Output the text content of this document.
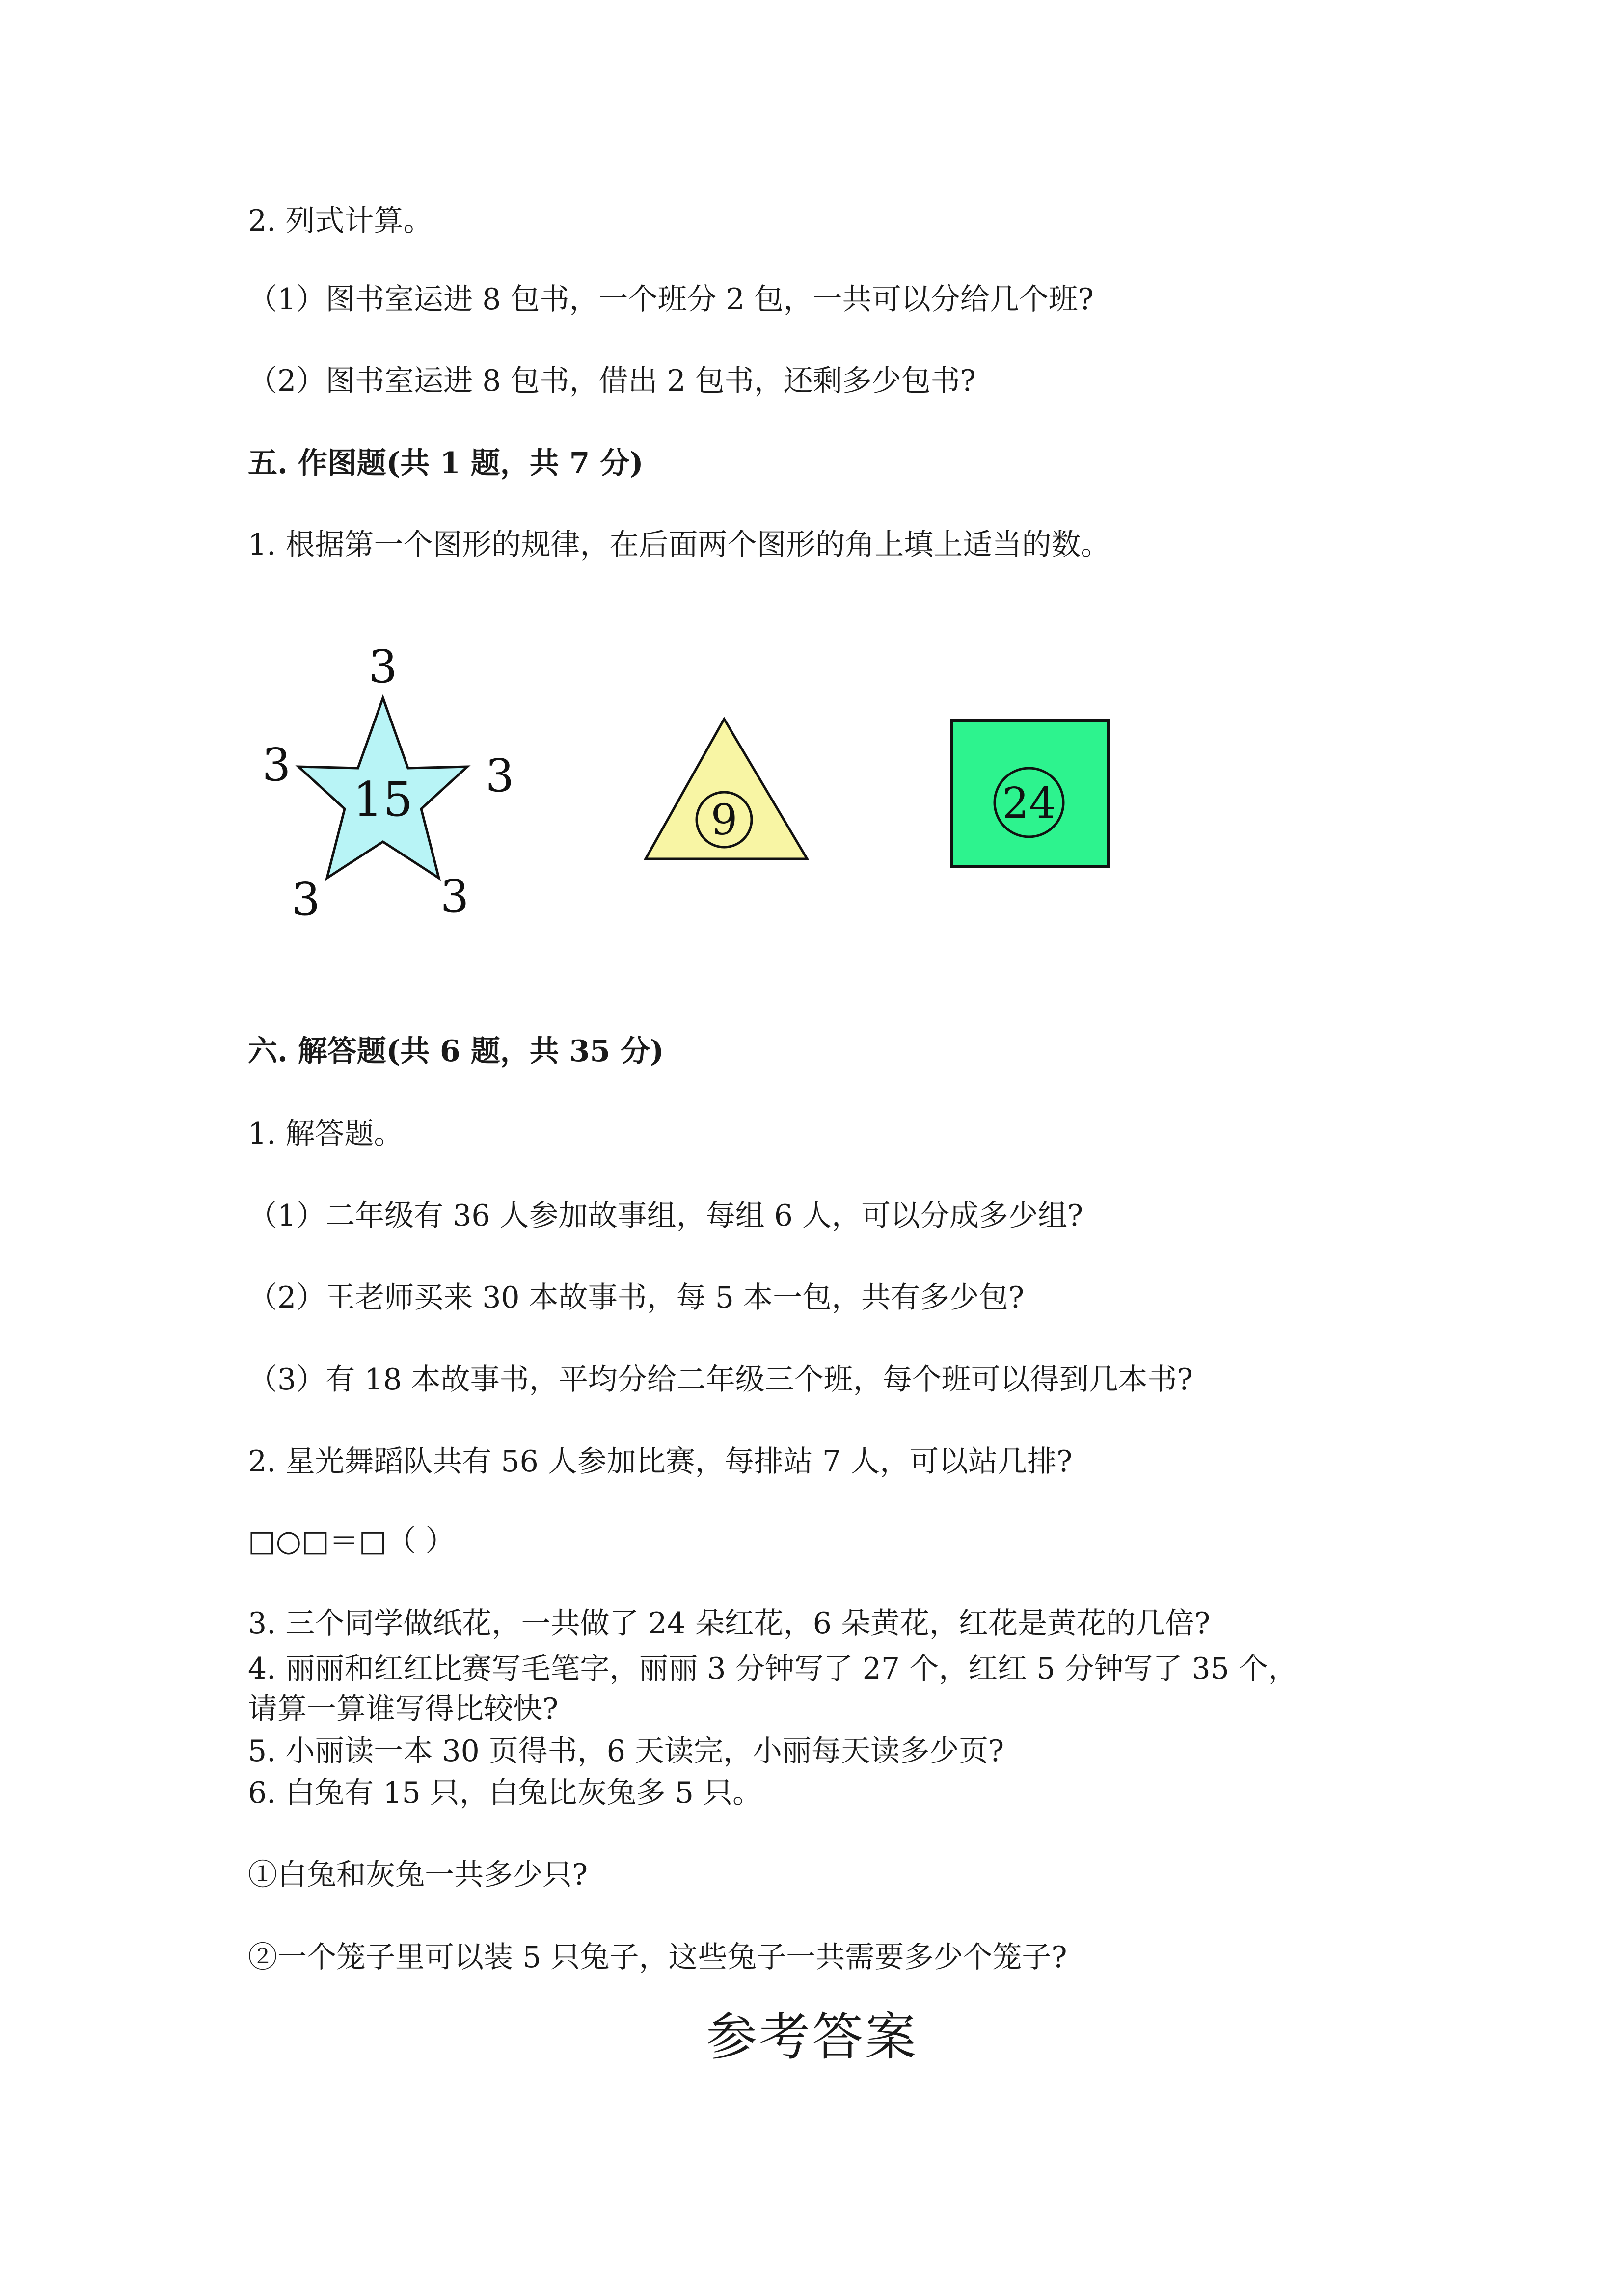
2. 列式计算。
（1）图书室运进 8 包书，一个班分 2 包，一共可以分给几个班?
（2）图书室运进 8 包书，借出 2 包书，还剩多少包书?
五. 作图题(共 1 题，共 7 分)
1. 根据第一个图形的规律，在后面两个图形的角上填上适当的数。
15
3
3
3
3
3
9	24
六. 解答题(共 6 题，共 35 分)
1. 解答题。
（1）二年级有 36 人参加故事组，每组 6 人，可以分成多少组?
（2）王老师买来 30 本故事书，每 5 本一包，共有多少包?
（3）有 18 本故事书，平均分给二年级三个班，每个班可以得到几本书?
2. 星光舞蹈队共有 56 人参加比赛，每排站 7 人，可以站几排?
□○□＝□（ ）
3. 三个同学做纸花，一共做了 24 朵红花，6 朵黄花，红花是黄花的几倍?
4. 丽丽和红红比赛写毛笔字，丽丽 3 分钟写了 27 个，红红 5 分钟写了 35 个，
请算一算谁写得比较快?
5. 小丽读一本 30 页得书，6 天读完，小丽每天读多少页?
6. 白兔有 15 只，白兔比灰兔多 5 只。
①白兔和灰兔一共多少只?
②一个笼子里可以装 5 只兔子，这些兔子一共需要多少个笼子?
参考答案
